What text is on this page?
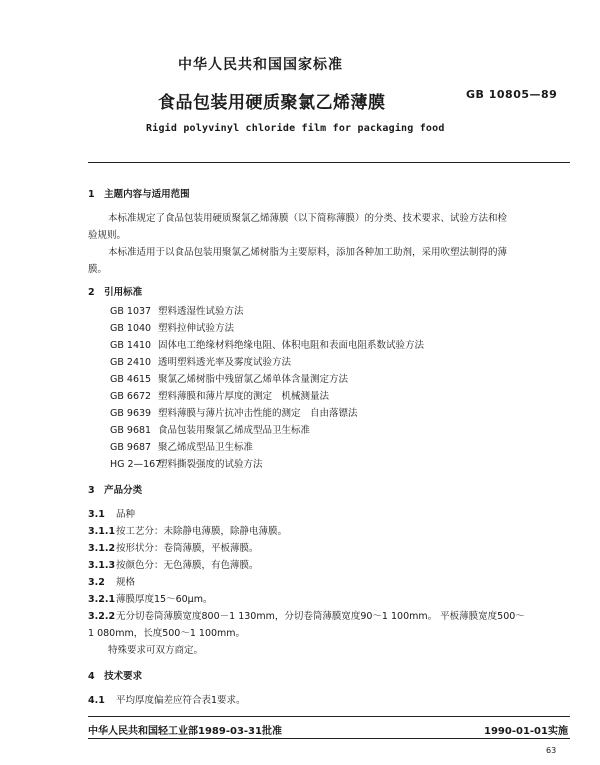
中华人民共和国国家标准
食品包装用硬质聚氯乙烯薄膜	GB 10805—89
Rigid polyvinyl chloride film for packaging food
1　主题内容与适用范围
本标准规定了食品包装用硬质聚氯乙烯薄膜（以下简称薄膜）的分类、技术要求、试验方法和检
验规则。
本标准适用于以食品包装用聚氯乙烯树脂为主要原料，添加各种加工助剂，采用吹塑法制得的薄
膜。
2　引用标准
GB 1037 塑料透湿性试验方法
GB 1040 塑料拉伸试验方法
GB 1410 固体电工绝缘材料绝缘电阻、体积电阻和表面电阻系数试验方法
GB 2410 透明塑料透光率及雾度试验方法
GB 4615 聚氯乙烯树脂中残留氯乙烯单体含量测定方法
GB 6672 塑料薄膜和薄片厚度的测定　机械测量法
GB 9639 塑料薄膜与薄片抗冲击性能的测定　自由落镖法
GB 9681 食品包装用聚氯乙烯成型品卫生标准
GB 9687 聚乙烯成型品卫生标准
HG 2—167塑料撕裂强度的试验方法
3　产品分类
3.1 品种
3.1.1按工艺分：未除静电薄膜，除静电薄膜。
3.1.2按形状分：卷筒薄膜，平板薄膜。
3.1.3按颜色分：无色薄膜，有色薄膜。
3.2 规格
3.2.1薄膜厚度15～60μm。
3.2.2无分切卷筒薄膜宽度800－1 130mm，分切卷筒薄膜宽度90～1 100mm。 平板薄膜宽度500～
1 080mm，长度500～1 100mm。
特殊要求可双方商定。
4　技术要求
4.1 平均厚度偏差应符合表1要求。
中华人民共和国轻工业部1989-03-31批准	1990-01-01实施
63
